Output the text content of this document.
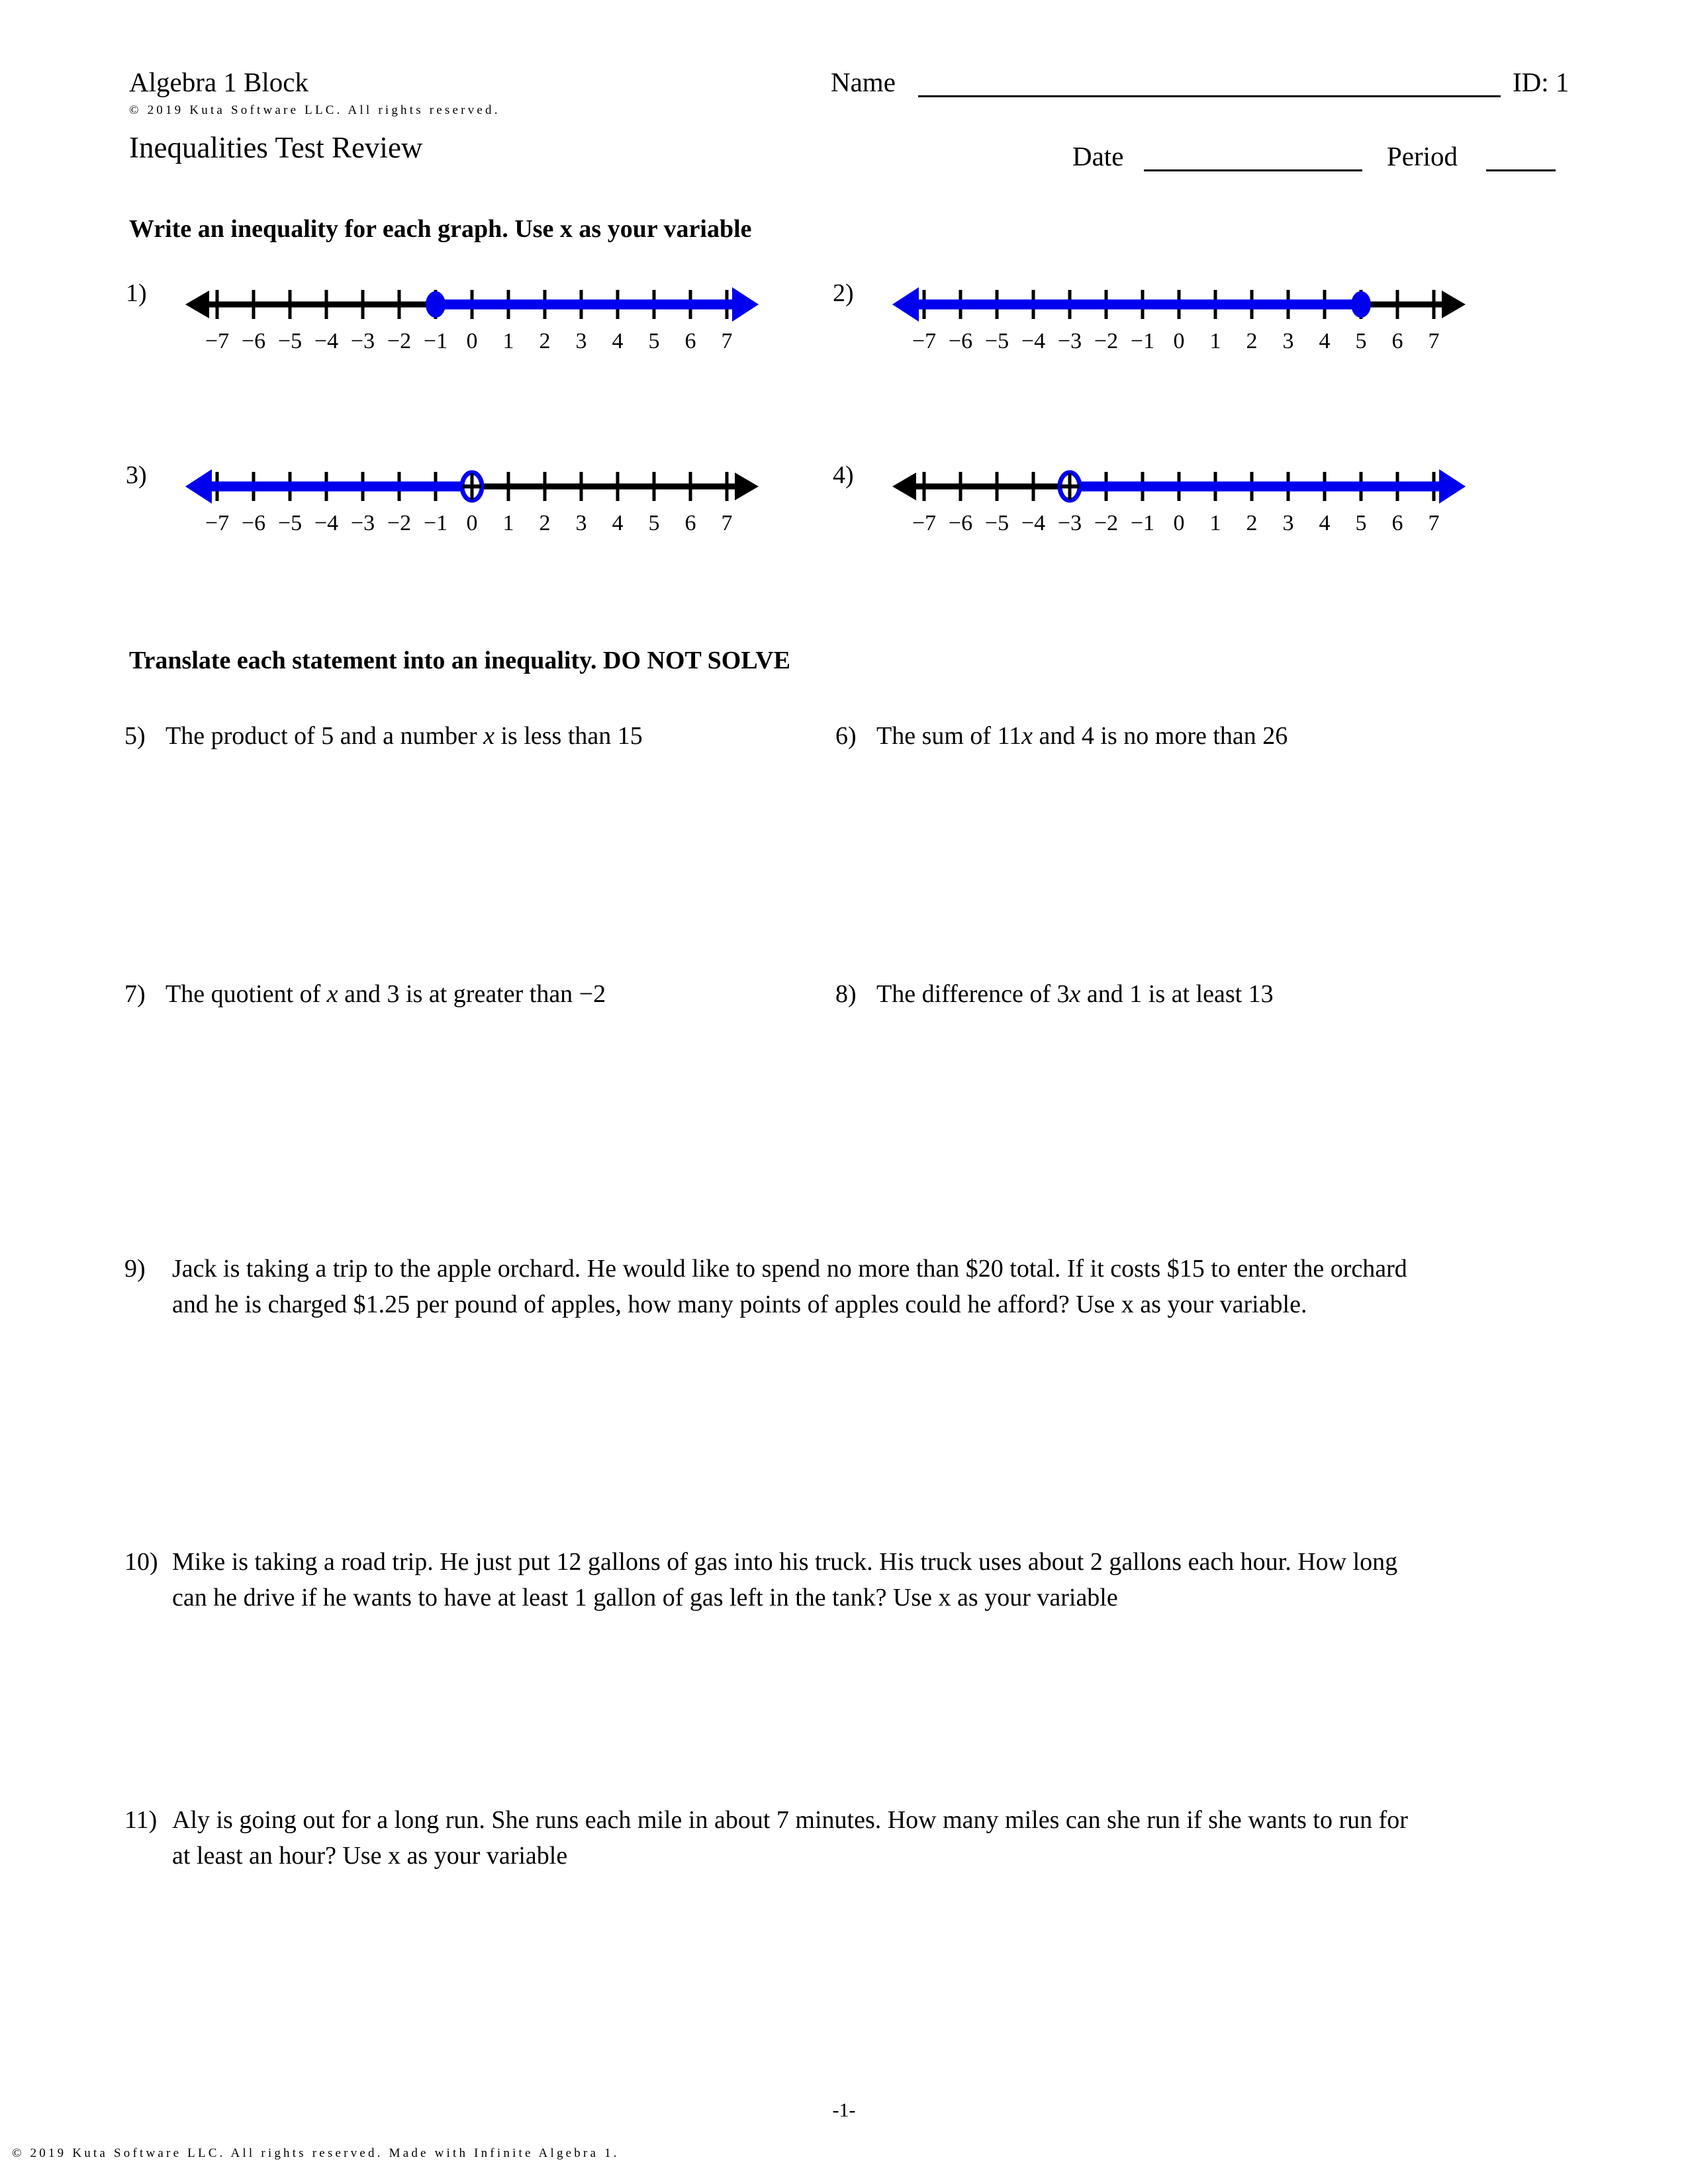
Algebra 1 Block	Name	ID: 1
© 2019 Kuta Software LLC. All rights reserved.
Inequalities Test Review	Date	Period
Write an inequality for each graph. Use x as your variable
1)
−7 −6 −5 −4 −3 −2 −1 0 1 2 3 4 5 6 7
2)
−7 −6 −5 −4 −3 −2 −1 0 1 2 3 4 5 6 7
3)
−7 −6 −5 −4 −3 −2 −1 0 1 2 3 4 5 6 7
4)
−7 −6 −5 −4 −3 −2 −1 0 1 2 3 4 5 6 7
Translate each statement into an inequality. DO NOT SOLVE
5) The product of 5 and a number x is less than 15	6) The sum of 11x and 4 is no more than 26
7) The quotient of x and 3 is at greater than −2	8) The difference of 3x and 1 is at least 13
9)	Jack is taking a trip to the apple orchard. He would like to spend no more than $20 total. If it costs $15 to enter the orchard and he is charged $1.25 per pound of apples, how many points of apples could he afford? Use x as your variable.
10) Mike is taking a road trip. He just put 12 gallons of gas into his truck. His truck uses about 2 gallons each hour. How long can he drive if he wants to have at least 1 gallon of gas left in the tank? Use x as your variable
11) Aly is going out for a long run. She runs each mile in about 7 minutes. How many miles can she run if she wants to run for at least an hour? Use x as your variable
-1-
© 2019 Kuta Software LLC. All rights reserved. Made with Infinite Algebra 1.
